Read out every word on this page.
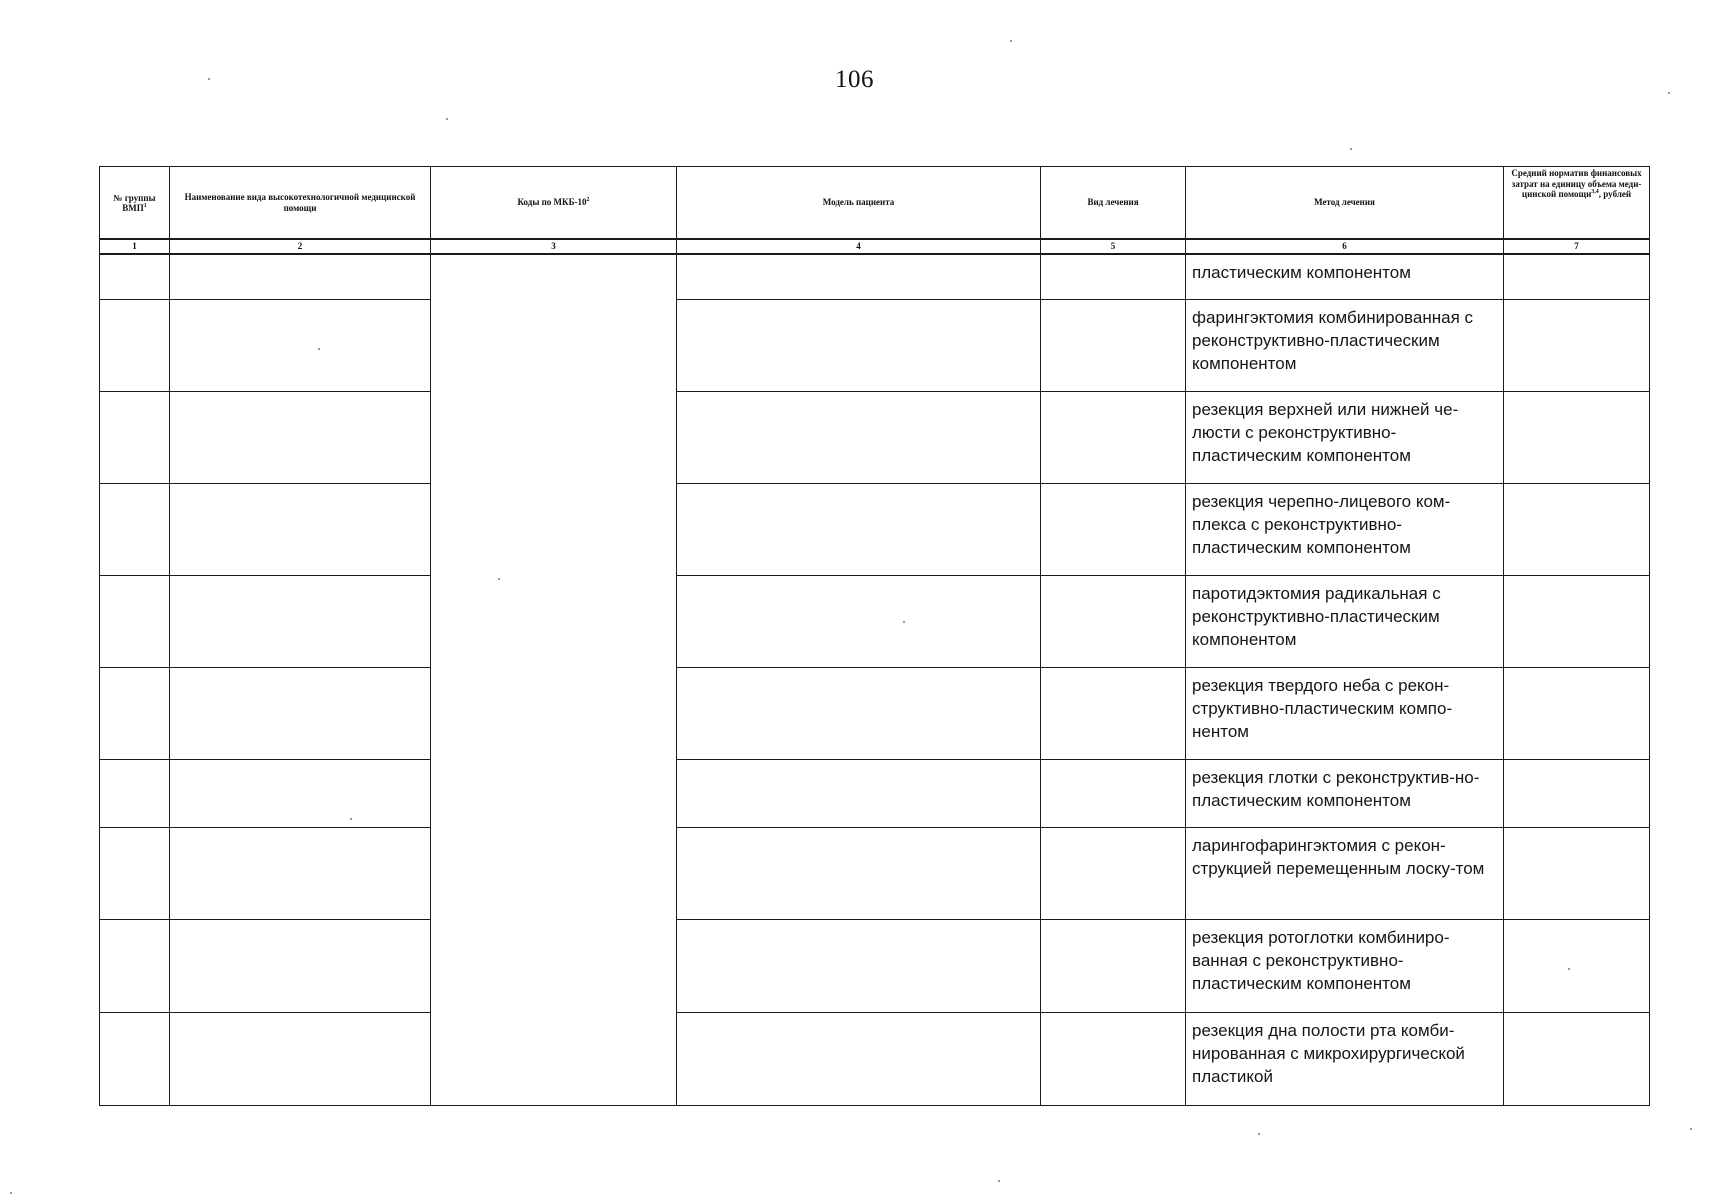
106
№ группы ВМП$^1$	Наименование вида высокотехнологичной медицинской помощи	Коды по МКБ-$10^2$	Модель пациента	Вид лечения	Метод лечения	Средний норматив финансовых затрат на единицу объема меди-цинской помощи$^{3,4}$, рублей
1	2	3	4	5	6	7
					пластическим компонентом	
					фарингэктомия комбинированная с реконструктивно-пластическим компонентом	
					резекция верхней или нижней че-люсти с реконструктивно-пластическим компонентом	
					резекция черепно-лицевого ком-плекса с реконструктивно-пластическим компонентом	
					паротидэктомия радикальная с реконструктивно-пластическим компонентом	
					резекция твердого неба с рекон-структивно-пластическим компо-нентом	
					резекция глотки с реконструктив-но-пластическим компонентом	
					ларингофарингэктомия с рекон-струкцией перемещенным лоску-том	
					резекция ротоглотки комбиниро-ванная с реконструктивно-пластическим компонентом	
					резекция дна полости рта комби-нированная с микрохирургической пластикой	
